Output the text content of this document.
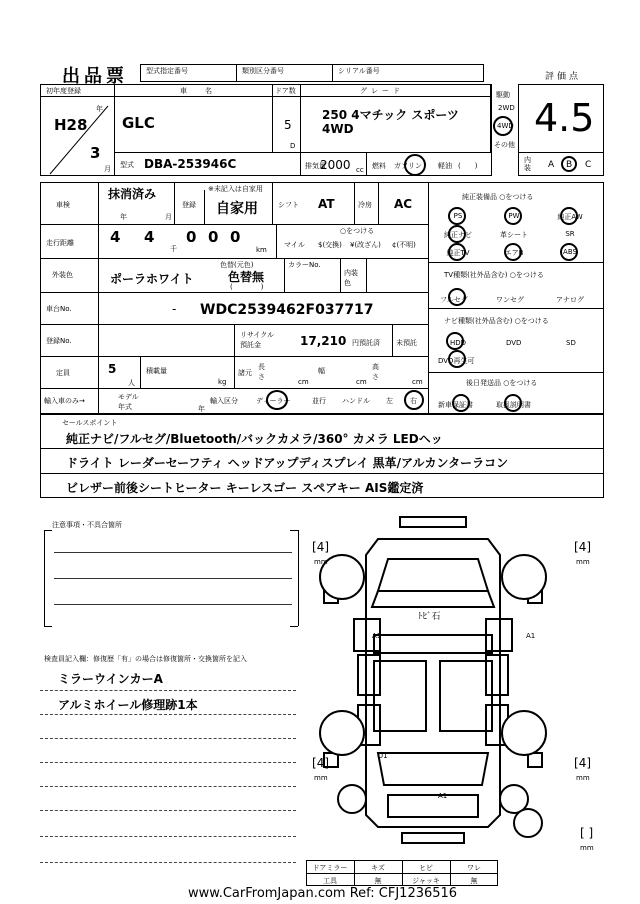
出品票	型式指定番号	類別区分番号	シリアル番号
評価点
初年度登録	車名	ドア数	グレード	駆動
年
H28
3
月
GLC	5
D
250 4マチック スポーツ 4WD
2WD
4WD
その他
4.5
型式 DBA-253946C	排気量
2000 cc 燃料 ガソリン 軽油 (　　)
内装 A B C
車検
抹消済み
年	月
※未記入は自家用
登録 自家用	シフト AT	冷房 AC
走行距離 4 4
千
0 0 0
km
マイル
○をつける
$(交換) ¥(改ざん) ¢(不明)
外装色	ポーラホワイト
色替(元色)
色替無
(　　　　)
カラーNo.
内装色
車台No.	- WDC2539462F037717
登録No.
リサイクル預託金	17,210 円預託済 未預託
定員	5
人
積載量
kg
諸元
長さ
cm
幅
cm
高さ
cm
輸入車のみ→	モデル年式	年
輸入区分	ディーラー	並行 ハンドル 左 右
純正装備品 ○をつける
PS	PW	純正AW
純正ナビ	革シート	SR
純正TV	エアB	ABS
TV種類(社外品含む) ○をつける
フルセグ	ワンセグ	アナログ
ナビ種類(社外品含む) ○をつける
HDD	DVD	SD
DVD再生可
後日発送品 ○をつける
新車保証書	取扱説明書
セールスポイント
純正ナビ/フルセグ/Bluetooth/バックカメラ/360° カメラ LEDヘッ
ドライト レーダーセーフティ ヘッドアップディスプレイ 黒革/アルカンターラコン
ビレザー前後シートヒーター キーレスゴー スペアキー AIS鑑定済
注意事項・不具合箇所
検査員記入欄：修復歴「有」の場合は修復箇所・交換箇所を記入
ミラーウインカーA
アルミホイール修理跡1本
ﾄﾋﾞ石
A1	A1
U1
A1
[4]
mm
[4]
mm
[4]
mm
[4]
mm
[ ]
mm
ドアミラー	キズ	ヒビ	ワレ
工具	無	ジャッキ	無
www.CarFromJapan.com Ref: CFJ1236516
